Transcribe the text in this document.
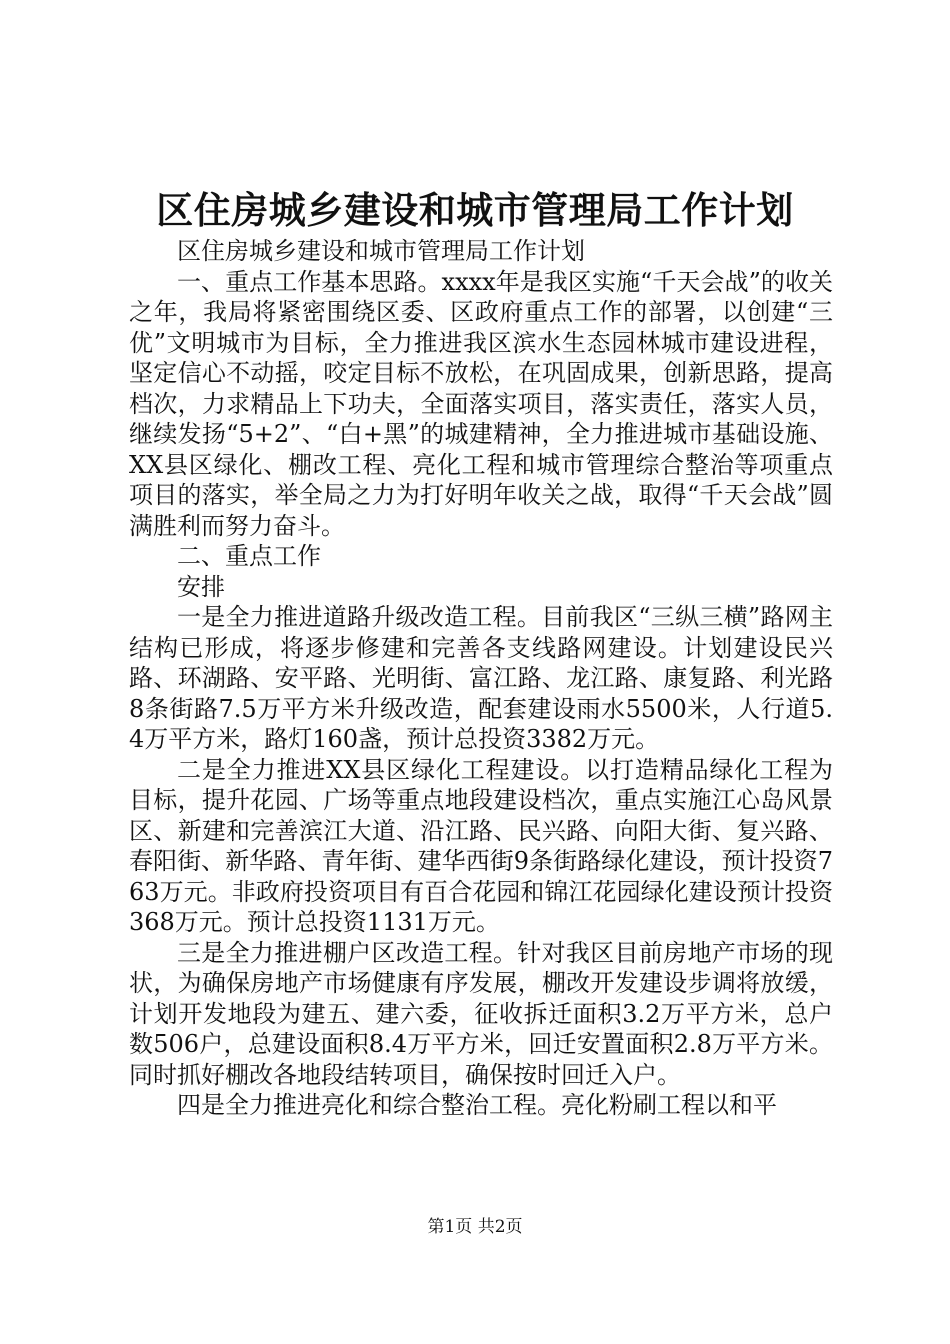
区住房城乡建设和城市管理局工作计划

区住房城乡建设和城市管理局工作计划

一、重点工作基本思路。xxxx年是我区实施“千天会战”的收关之年，我局将紧密围绕区委、区政府重点工作的部署，以创建“三优”文明城市为目标，全力推进我区滨水生态园林城市建设进程，坚定信心不动摇，咬定目标不放松，在巩固成果，创新思路，提高档次，力求精品上下功夫，全面落实项目，落实责任，落实人员，继续发扬“5+2”、“白+黑”的城建精神，全力推进城市基础设施、XX县区绿化、棚改工程、亮化工程和城市管理综合整治等项重点项目的落实，举全局之力为打好明年收关之战，取得“千天会战”圆满胜利而努力奋斗。

二、重点工作

安排

一是全力推进道路升级改造工程。目前我区“三纵三横”路网主结构已形成，将逐步修建和完善各支线路网建设。计划建设民兴路、环湖路、安平路、光明街、富江路、龙江路、康复路、利光路8条街路7.5万平方米升级改造，配套建设雨水5500米，人行道5.4万平方米，路灯160盏，预计总投资3382万元。

二是全力推进XX县区绿化工程建设。以打造精品绿化工程为目标，提升花园、广场等重点地段建设档次，重点实施江心岛风景区、新建和完善滨江大道、沿江路、民兴路、向阳大街、复兴路、春阳街、新华路、青年街、建华西街9条街路绿化建设，预计投资763万元。非政府投资项目有百合花园和锦江花园绿化建设预计投资368万元。预计总投资1131万元。

三是全力推进棚户区改造工程。针对我区目前房地产市场的现状，为确保房地产市场健康有序发展，棚改开发建设步调将放缓，计划开发地段为建五、建六委，征收拆迁面积3.2万平方米，总户数506户，总建设面积8.4万平方米，回迁安置面积2.8万平方米。同时抓好棚改各地段结转项目，确保按时回迁入户。

四是全力推进亮化和综合整治工程。亮化粉刷工程以和平

第1页 共2页
